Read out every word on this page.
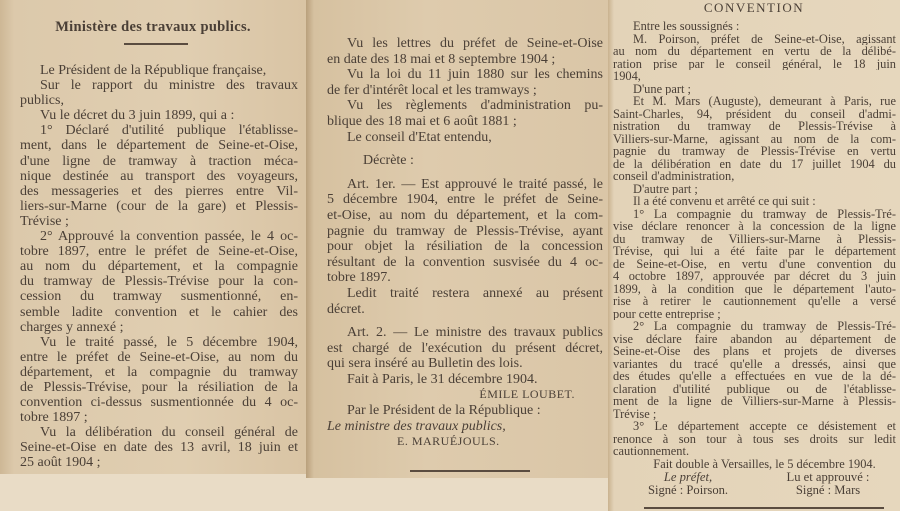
Ministère des travaux publics.
Le Président de la République française,
Sur le rapport du ministre des travaux
publics,
Vu le décret du 3 juin 1899, qui a :
1° Déclaré d'utilité publique l'établisse-
ment, dans le département de Seine-et-Oise,
d'une ligne de tramway à traction méca-
nique destinée au transport des voyageurs,
des messageries et des pierres entre Vil-
liers-sur-Marne (cour de la gare) et Plessis-
Trévise ;
2° Approuvé la convention passée, le 4 oc-
tobre 1897, entre le préfet de Seine-et-Oise,
au nom du département, et la compagnie
du tramway de Plessis-Trévise pour la con-
cession du tramway susmentionné, en-
semble ladite convention et le cahier des
charges y annexé ;
Vu le traité passé, le 5 décembre 1904,
entre le préfet de Seine-et-Oise, au nom du
département, et la compagnie du tramway
de Plessis-Trévise, pour la résiliation de la
convention ci-dessus susmentionnée du 4 oc-
tobre 1897 ;
Vu la délibération du conseil général de
Seine-et-Oise en date des 13 avril, 18 juin et
25 août 1904 ;
Vu les lettres du préfet de Seine-et-Oise
en date des 18 mai et 8 septembre 1904 ;
Vu la loi du 11 juin 1880 sur les chemins
de fer d'intérêt local et les tramways ;
Vu les règlements d'administration pu-
blique des 18 mai et 6 août 1881 ;
Le conseil d'Etat entendu,
Décrète :
Art. 1er. — Est approuvé le traité passé, le
5 décembre 1904, entre le préfet de Seine-
et-Oise, au nom du département, et la com-
pagnie du tramway de Plessis-Trévise, ayant
pour objet la résiliation de la concession
résultant de la convention susvisée du 4 oc-
tobre 1897.
Ledit traité restera annexé au présent
décret.
Art. 2. — Le ministre des travaux publics
est chargé de l'exécution du présent décret,
qui sera inséré au Bulletin des lois.
Fait à Paris, le 31 décembre 1904.
ÉMILE LOUBET.
Par le Président de la République :
Le ministre des travaux publics,
E. MARUÉJOULS.
CONVENTION
Entre les soussignés :
M. Poirson, préfet de Seine-et-Oise, agissant
au nom du département en vertu de la délibé-
ration prise par le conseil général, le 18 juin
1904,
D'une part ;
Et M. Mars (Auguste), demeurant à Paris, rue
Saint-Charles, 94, président du conseil d'admi-
nistration du tramway de Plessis-Trévise à
Villiers-sur-Marne, agissant au nom de la com-
pagnie du tramway de Plessis-Trévise en vertu
de la délibération en date du 17 juillet 1904 du
conseil d'administration,
D'autre part ;
Il a été convenu et arrêté ce qui suit :
1° La compagnie du tramway de Plessis-Tré-
vise déclare renoncer à la concession de la ligne
du tramway de Villiers-sur-Marne à Plessis-
Trévise, qui lui a été faite par le département
de Seine-et-Oise, en vertu d'une convention du
4 octobre 1897, approuvée par décret du 3 juin
1899, à la condition que le département l'auto-
rise à retirer le cautionnement qu'elle a versé
pour cette entreprise ;
2° La compagnie du tramway de Plessis-Tré-
vise déclare faire abandon au département de
Seine-et-Oise des plans et projets de diverses
variantes du tracé qu'elle a dressés, ainsi que
des études qu'elle a effectuées en vue de la dé-
claration d'utilité publique ou de l'établisse-
ment de la ligne de Villiers-sur-Marne à Plessis-
Trévise ;
3° Le département accepte ce désistement et
renonce à son tour à tous ses droits sur ledit
cautionnement.
Fait double à Versailles, le 5 décembre 1904.
Le préfet,
Signé : Poirson.
Lu et approuvé :
Signé : Mars
